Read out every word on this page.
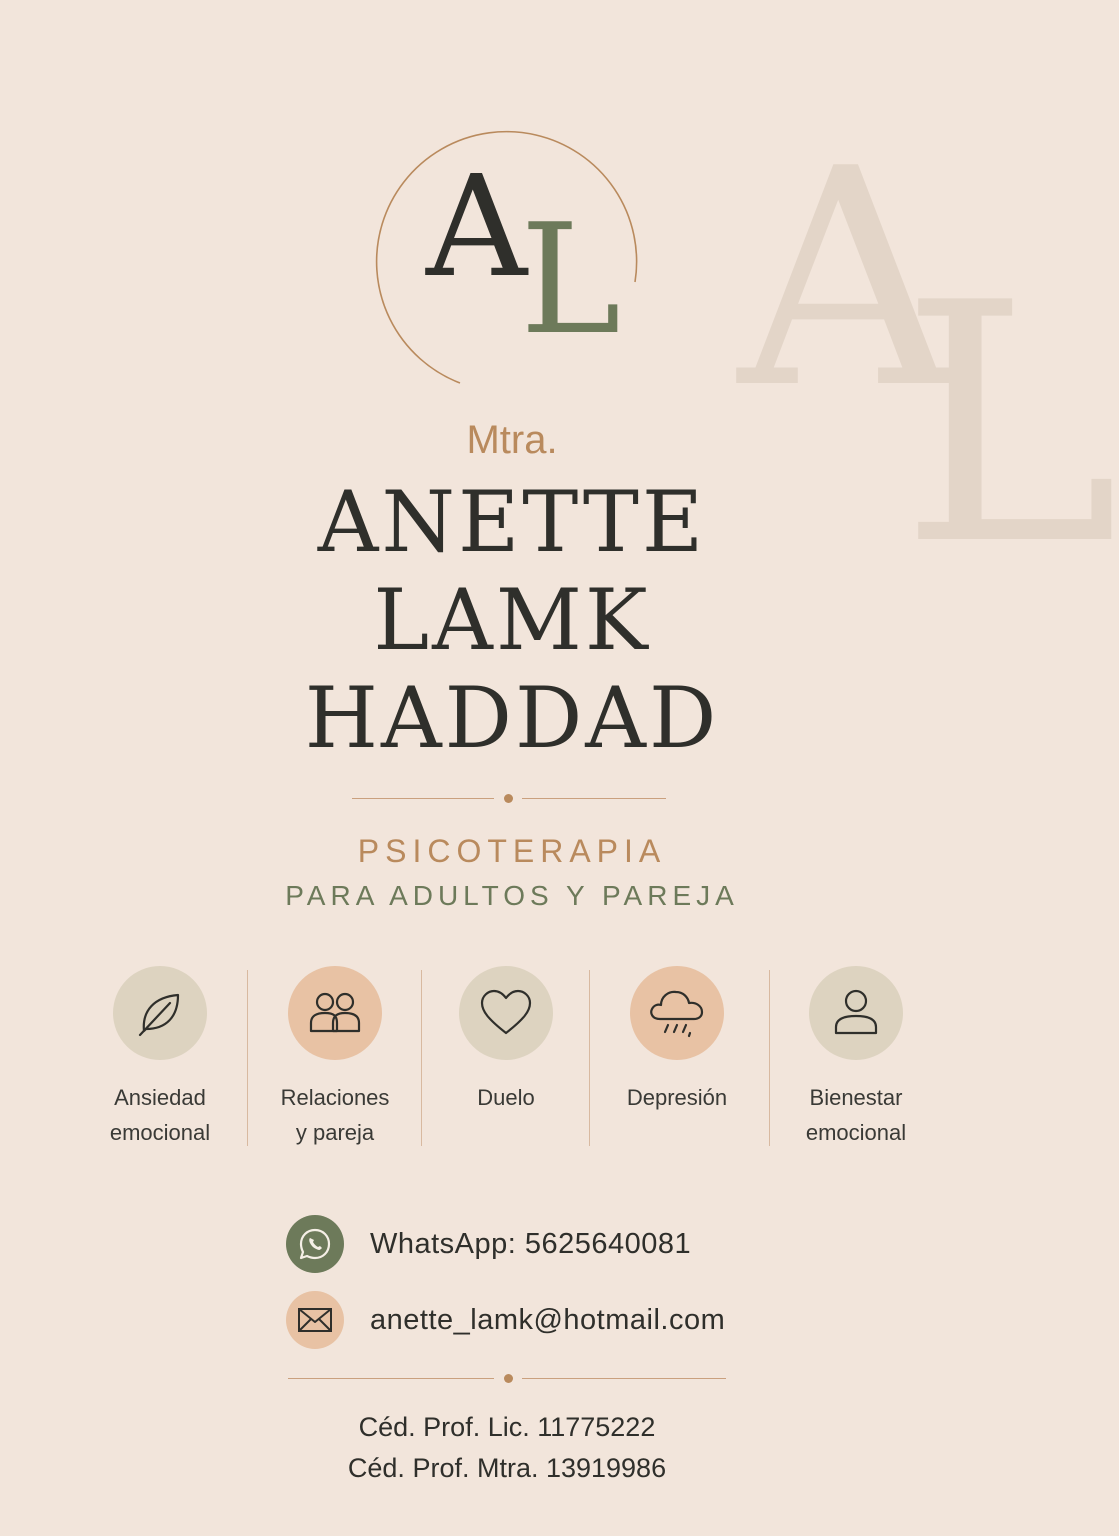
A
L
A
L
Mtra.
ANETTE
LAMK
HADDAD
PSICOTERAPIA
PARA ADULTOS Y PAREJA
Ansiedad
emocional
Relaciones
y pareja
Duelo	Depresión	Bienestar
emocional
WhatsApp: 5625640081
anette_lamk@hotmail.com
Céd. Prof. Lic. 11775222
Céd. Prof. Mtra. 13919986
